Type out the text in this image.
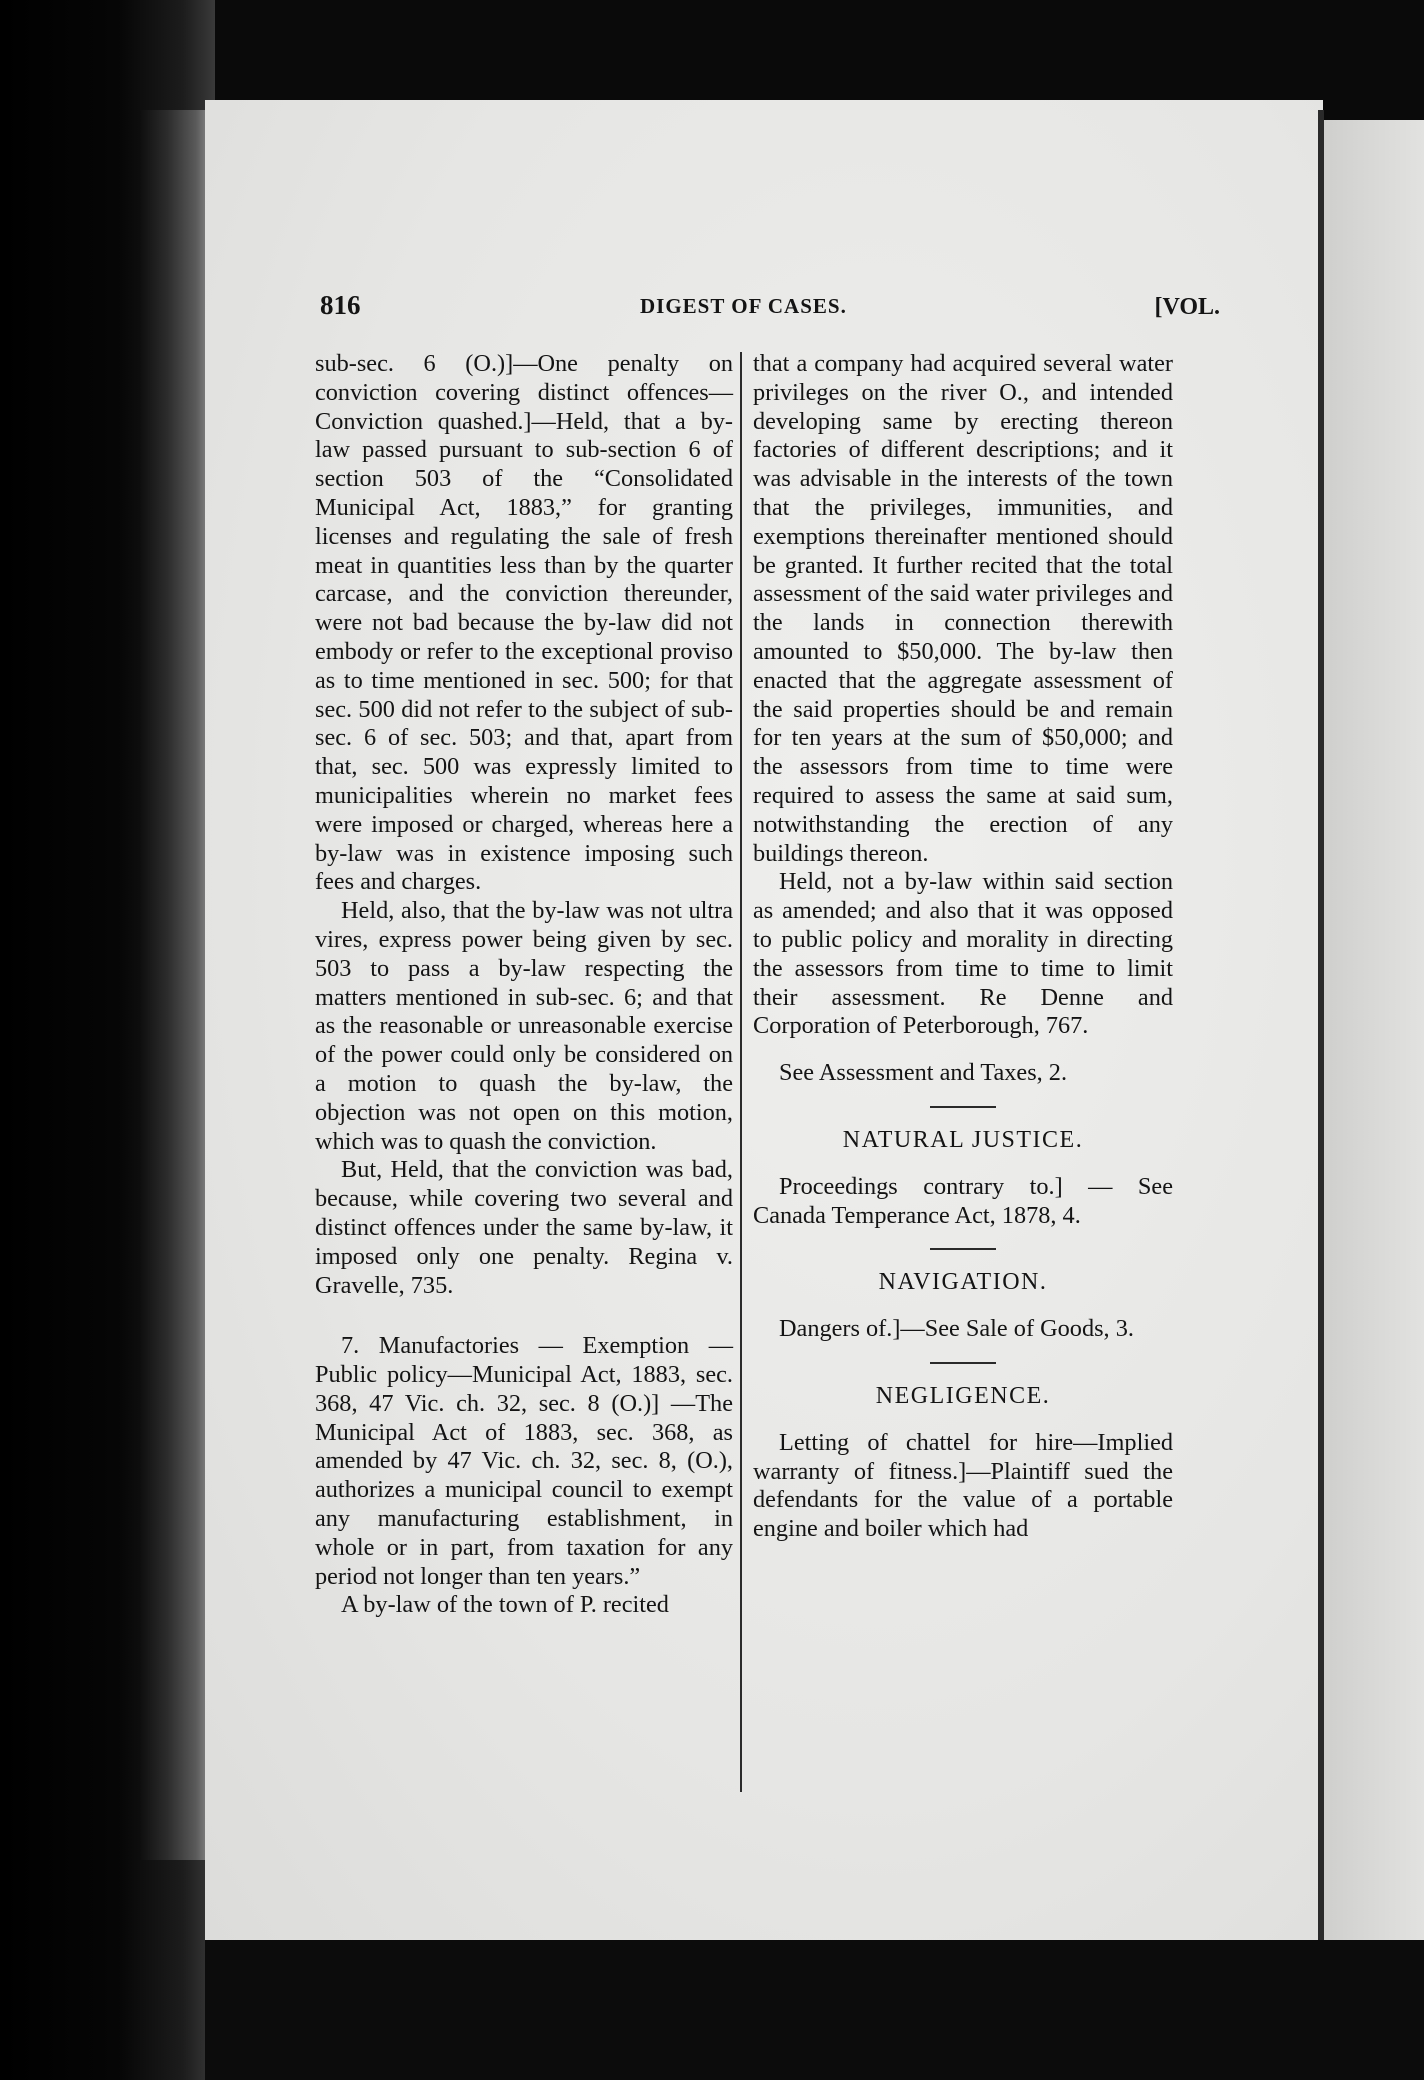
816	DIGEST OF CASES.	[VOL.

sub-sec. 6 (O.)]—One penalty on conviction covering distinct offences—Conviction quashed.]—Held, that a by-law passed pursuant to sub-section 6 of section 503 of the “Consolidated Municipal Act, 1883,” for granting licenses and regulating the sale of fresh meat in quantities less than by the quarter carcase, and the conviction thereunder, were not bad because the by-law did not embody or refer to the exceptional proviso as to time mentioned in sec. 500; for that sec. 500 did not refer to the subject of sub-sec. 6 of sec. 503; and that, apart from that, sec. 500 was expressly limited to municipalities wherein no market fees were imposed or charged, whereas here a by-law was in existence imposing such fees and charges.

Held, also, that the by-law was not ultra vires, express power being given by sec. 503 to pass a by-law respecting the matters mentioned in sub-sec. 6; and that as the reasonable or unreasonable exercise of the power could only be considered on a motion to quash the by-law, the objection was not open on this motion, which was to quash the conviction.

But, Held, that the conviction was bad, because, while covering two several and distinct offences under the same by-law, it imposed only one penalty. Regina v. Gravelle, 735.

7. Manufactories — Exemption — Public policy—Municipal Act, 1883, sec. 368, 47 Vic. ch. 32, sec. 8 (O.)] —The Municipal Act of 1883, sec. 368, as amended by 47 Vic. ch. 32, sec. 8, (O.), authorizes a municipal council to exempt any manufacturing establishment, in whole or in part, from taxation for any period not longer than ten years.”

A by-law of the town of P. recited

that a company had acquired several water privileges on the river O., and intended developing same by erecting thereon factories of different descriptions; and it was advisable in the interests of the town that the privileges, immunities, and exemptions thereinafter mentioned should be granted. It further recited that the total assessment of the said water privileges and the lands in connection therewith amounted to $50,000. The by-law then enacted that the aggregate assessment of the said properties should be and remain for ten years at the sum of $50,000; and the assessors from time to time were required to assess the same at said sum, notwithstanding the erection of any buildings thereon.

Held, not a by-law within said section as amended; and also that it was opposed to public policy and morality in directing the assessors from time to time to limit their assessment. Re Denne and Corporation of Peterborough, 767.

See Assessment and Taxes, 2.

NATURAL JUSTICE.

Proceedings contrary to.] — See Canada Temperance Act, 1878, 4.

NAVIGATION.

Dangers of.]—See Sale of Goods, 3.

NEGLIGENCE.

Letting of chattel for hire—Implied warranty of fitness.]—Plaintiff sued the defendants for the value of a portable engine and boiler which had
